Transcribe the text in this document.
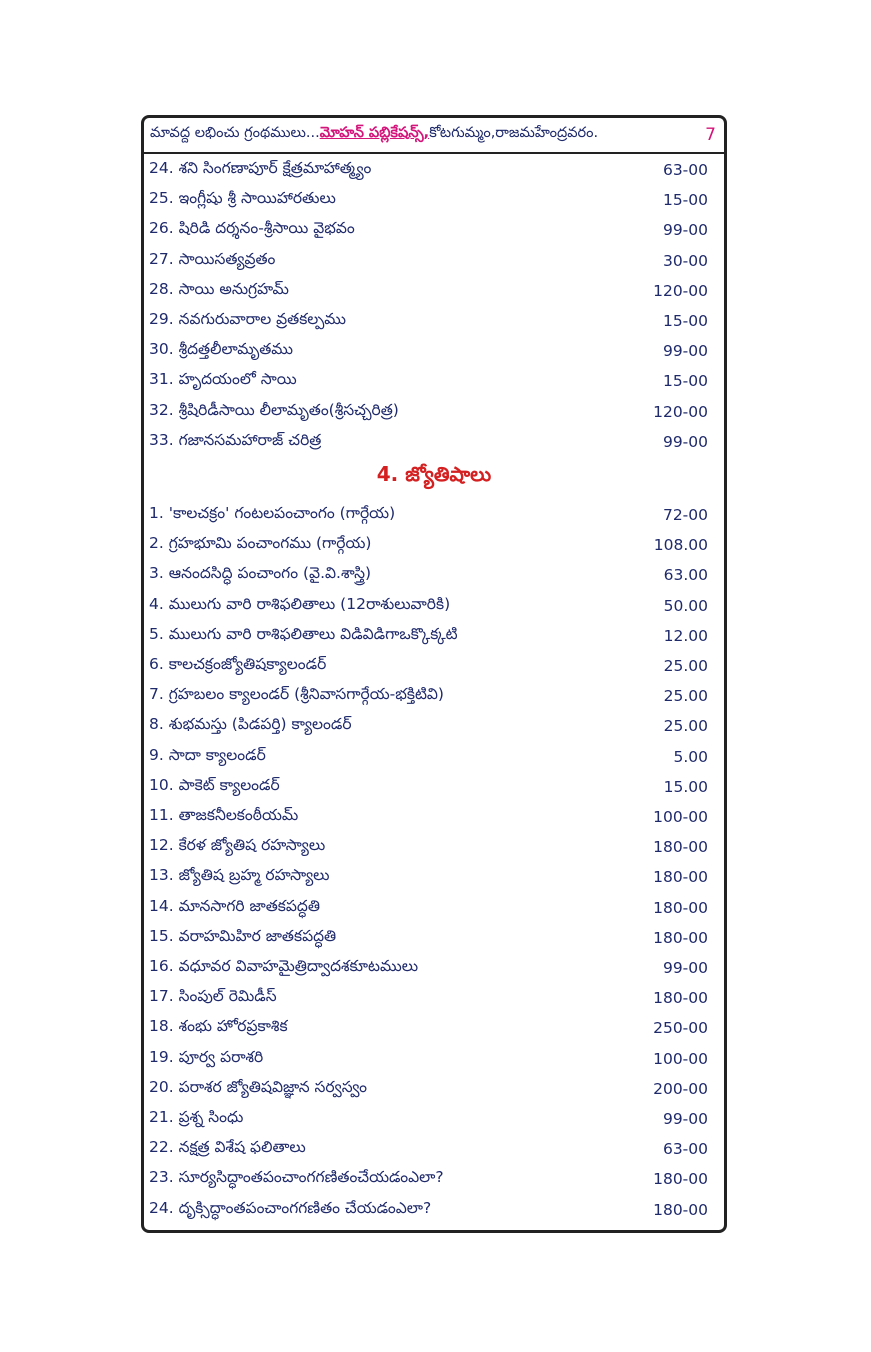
మావద్ద లభించు గ్రంథములు... మోహన్ పబ్లికేషన్స్, కోటగుమ్మం,రాజమహేంద్రవరం.	7
24. శని సింగణాపూర్ క్షేత్రమాహాత్మ్యం	63-00
25. ఇంగ్లీషు శ్రీ సాయిహారతులు	15-00
26. షిరిడి దర్శనం-శ్రీసాయి వైభవం	99-00
27. సాయిసత్యవ్రతం	30-00
28. సాయి అనుగ్రహమ్	120-00
29. నవగురువారాల వ్రతకల్పము	15-00
30. శ్రీదత్తలీలామృతము	99-00
31. హృదయంలో సాయి	15-00
32. శ్రీషిరిడీసాయి లీలామృతం(శ్రీసచ్చరిత్ర)	120-00
33. గజానసమహారాజ్ చరిత్ర	99-00
4. జ్యోతిషాలు
1. 'కాలచక్రం' గంటలపంచాంగం (గార్గేయ)	72-00
2. గ్రహభూమి పంచాంగము (గార్గేయ)	108.00
3. ఆనందసిద్ధి పంచాంగం (వై.వి.శాస్త్రి)	63.00
4. ములుగు వారి రాశిఫలితాలు (12రాశులువారికి)	50.00
5. ములుగు వారి రాశిఫలితాలు విడివిడిగాఒక్కొక్కటి	12.00
6. కాలచక్రంజ్యోతిషక్యాలండర్	25.00
7. గ్రహబలం క్యాలండర్ (శ్రీనివాసగార్గేయ-భక్తిటివి)	25.00
8. శుభమస్తు (పిడపర్తి) క్యాలండర్	25.00
9. సాదా క్యాలండర్	5.00
10. పాకెట్ క్యాలండర్	15.00
11. తాజకనీలకంఠీయమ్	100-00
12. కేరళ జ్యోతిష రహస్యాలు	180-00
13. జ్యోతిష బ్రహ్మ రహస్యాలు	180-00
14. మానసాగరి జాతకపద్ధతి	180-00
15. వరాహమిహిర జాతకపద్ధతి	180-00
16. వధూవర వివాహమైత్రిద్వాదశకూటములు	99-00
17. సింపుల్ రెమిడీస్	180-00
18. శంభు హోరప్రకాశిక	250-00
19. పూర్వ పరాశరి	100-00
20. పరాశర జ్యోతిషవిజ్ఞాన సర్వస్వం	200-00
21. ప్రశ్న సింధు	99-00
22. నక్షత్ర విశేష ఫలితాలు	63-00
23. సూర్యసిద్ధాంతపంచాంగగణితంచేయడంఎలా?	180-00
24. దృక్సిద్ధాంతపంచాంగగణితం చేయడంఎలా?	180-00
